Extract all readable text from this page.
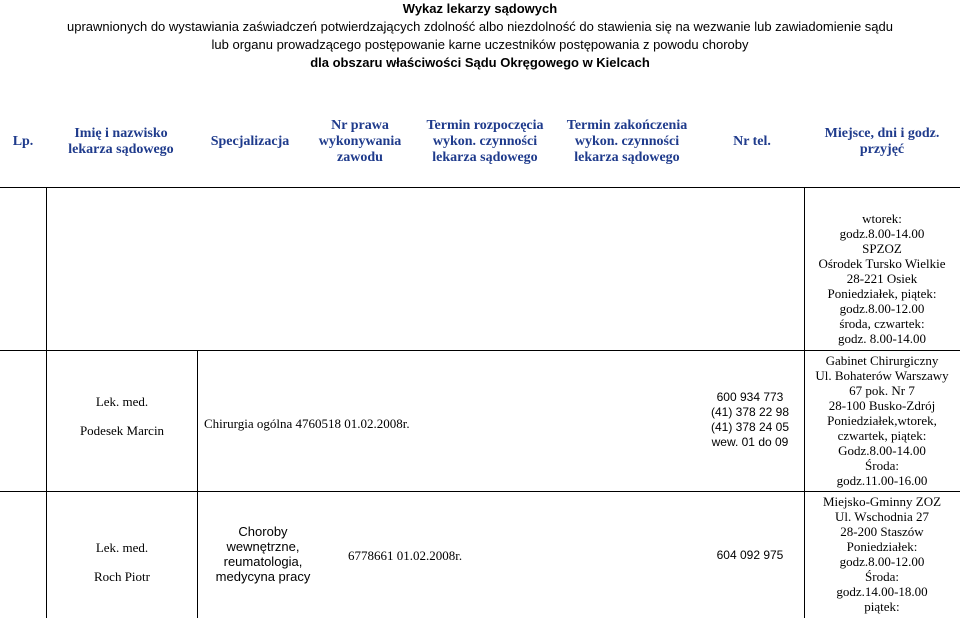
Wykaz lekarzy sądowych
uprawnionych do wystawiania zaświadczeń potwierdzających zdolność albo niezdolność do stawienia się na wezwanie lub zawiadomienie sądu
lub organu prowadzącego postępowanie karne uczestników postępowania z powodu choroby
dla obszaru właściwości Sądu Okręgowego w Kielcach
Lp.
Imię i nazwisko
lekarza sądowego
Specjalizacja
Nr prawa
wykonywania
zawodu
Termin rozpoczęcia
wykon. czynności
lekarza sądowego
Termin zakończenia
wykon. czynności
lekarza sądowego
Nr tel.
Miejsce, dni i godz.
przyjęć
wtorek:
godz.8.00-14.00
SPZOZ
Ośrodek Tursko Wielkie
28-221 Osiek
Poniedziałek, piątek:
godz.8.00-12.00
środa, czwartek:
godz. 8.00-14.00
Lek. med.
Podesek Marcin	Chirurgia ogólna 4760518 01.02.2008r.
600 934 773
(41) 378 22 98
(41) 378 24 05
wew. 01 do 09
Gabinet Chirurgiczny
Ul. Bohaterów Warszawy
67 pok. Nr 7
28-100 Busko-Zdrój
Poniedziałek,wtorek,
czwartek, piątek:
Godz.8.00-14.00
Środa:
godz.11.00-16.00
Lek. med.
Roch Piotr
Choroby
wewnętrzne,
reumatologia,
medycyna pracy
6778661 01.02.2008r.	604 092 975
Miejsko-Gminny ZOZ
Ul. Wschodnia 27
28-200 Staszów
Poniedziałek:
godz.8.00-12.00
Środa:
godz.14.00-18.00
piątek:
